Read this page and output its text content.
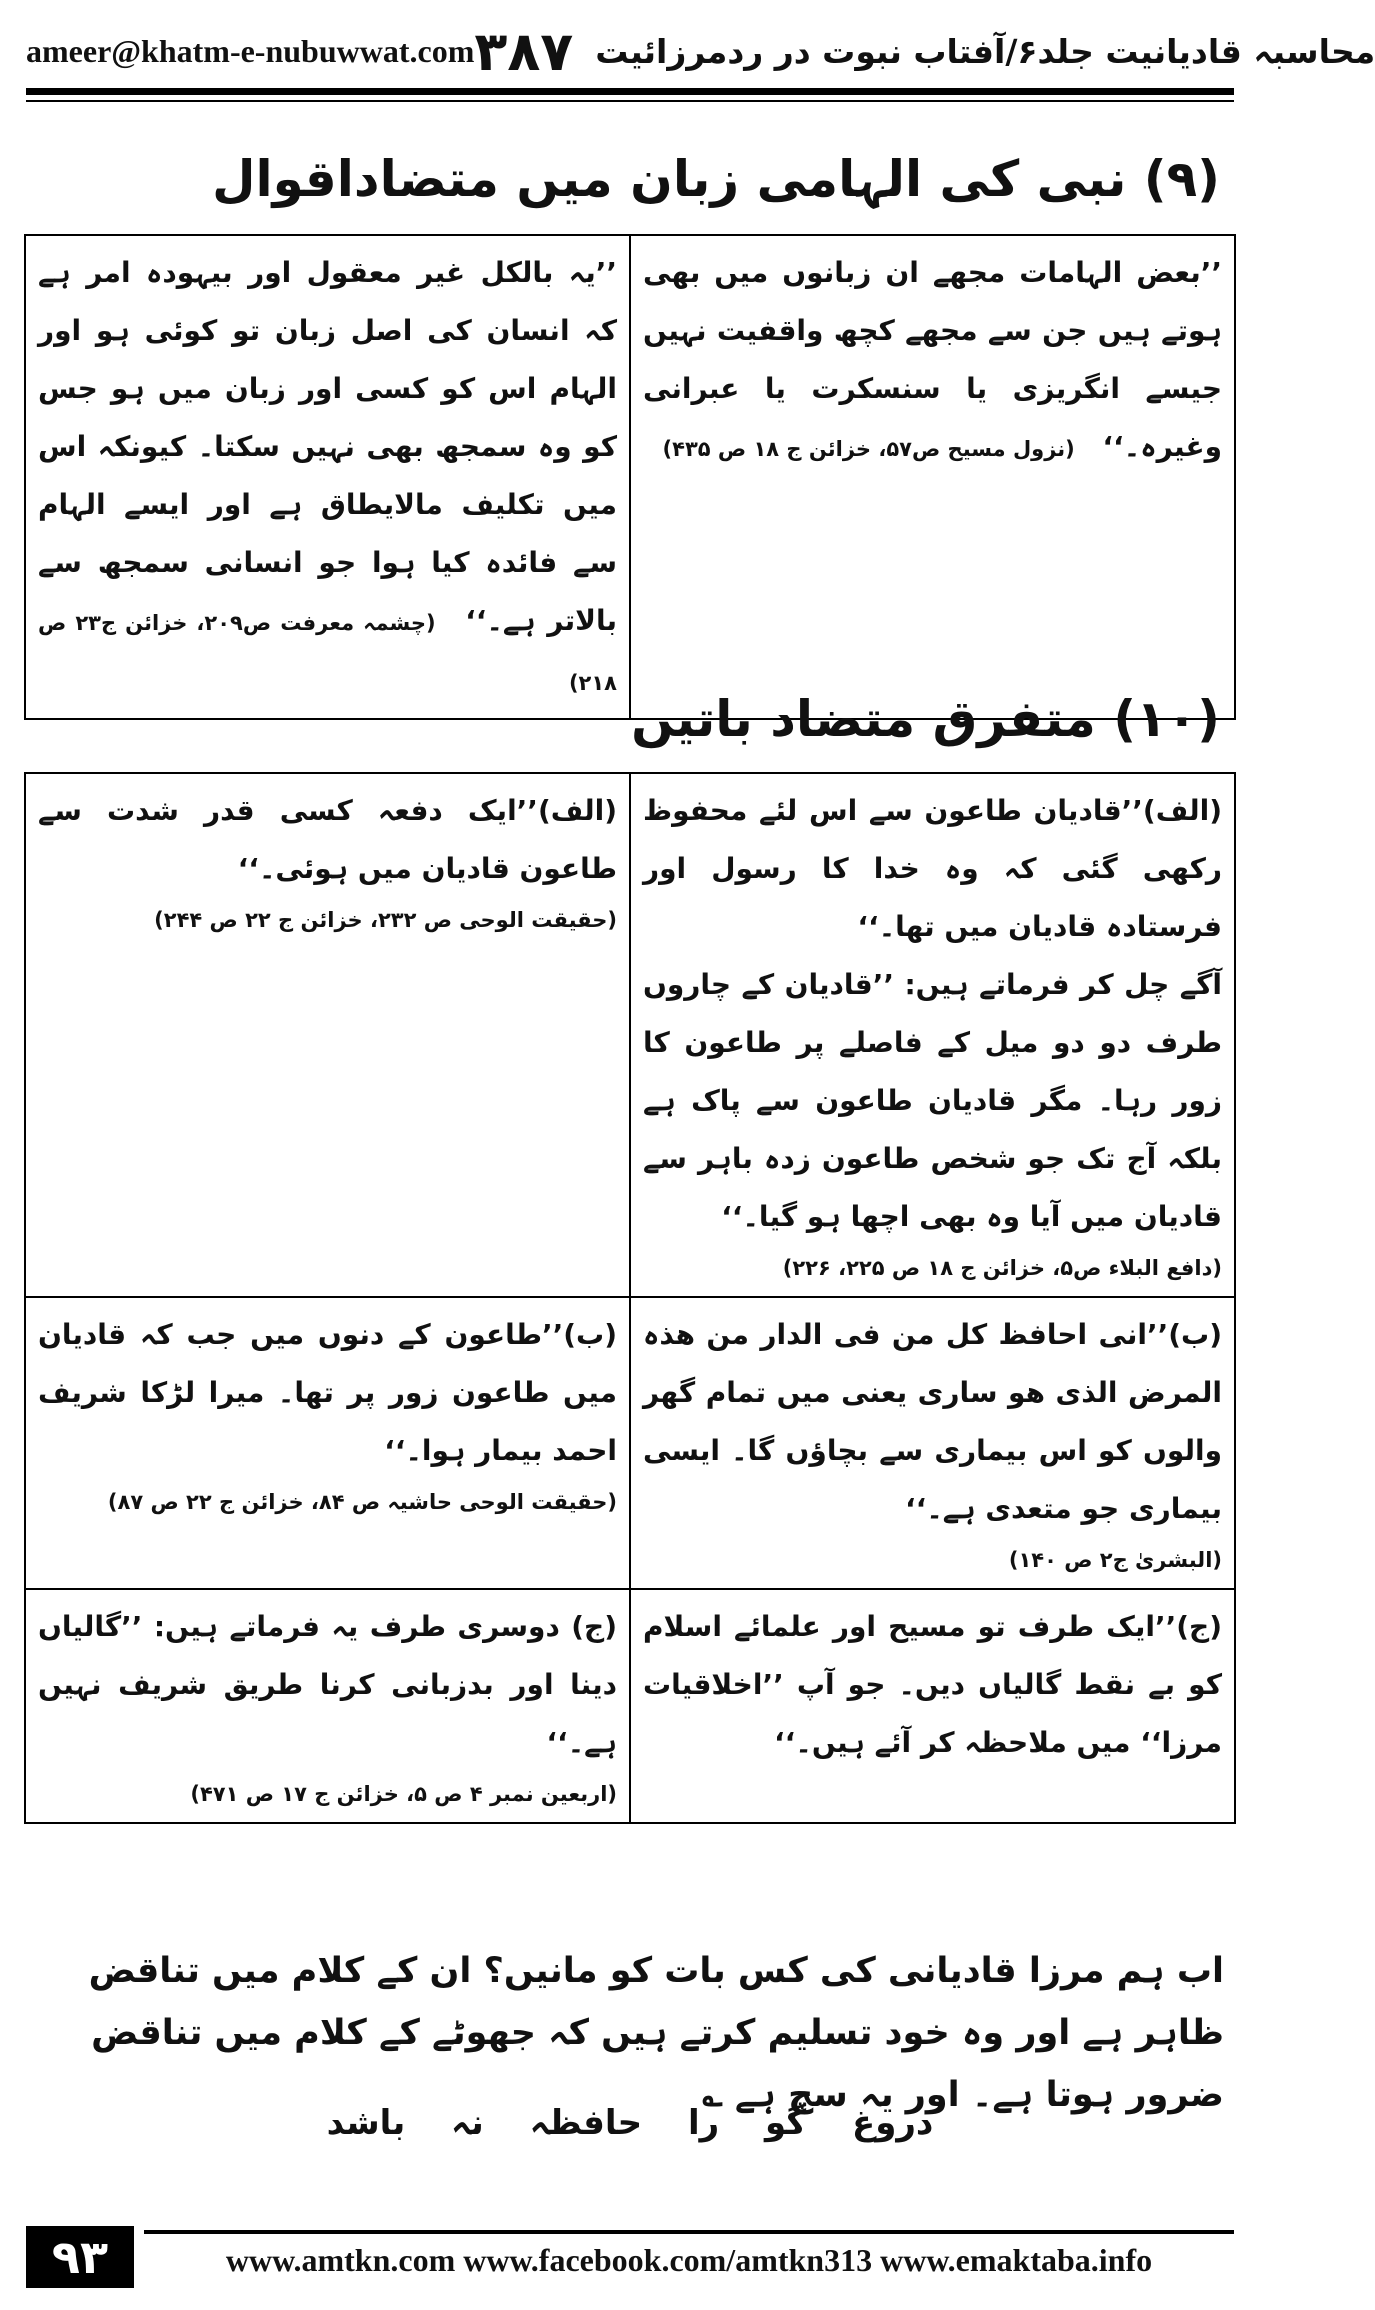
ameer@khatm-e-nubuwwat.com	محاسبہ قادیانیت جلد۶/آفتاب نبوت در ردمرزائیت
۳۸۷
(۹) نبی کی الہامی زبان میں متضاداقوال
’’بعض الہامات مجھے ان زبانوں میں بھی ہوتے ہیں جن سے مجھے کچھ واقفیت نہیں جیسے انگریزی یا سنسکرت یا عبرانی وغیرہ۔‘‘ (نزول مسیح ص۵۷، خزائن ج ۱۸ ص ۴۳۵)	’’یہ بالکل غیر معقول اور بیہودہ امر ہے کہ انسان کی اصل زبان تو کوئی ہو اور الہام اس کو کسی اور زبان میں ہو جس کو وہ سمجھ بھی نہیں سکتا۔ کیونکہ اس میں تکلیف مالایطاق ہے اور ایسے الہام سے فائدہ کیا ہوا جو انسانی سمجھ سے بالاتر ہے۔‘‘ (چشمہ معرفت ص۲۰۹، خزائن ج۲۳ ص ۲۱۸)
(۱۰) متفرق متضاد باتیں
(الف)’’قادیان طاعون سے اس لئے محفوظ رکھی گئی کہ وہ خدا کا رسول اور فرستادہ قادیان میں تھا۔‘‘
آگے چل کر فرماتے ہیں: ’’قادیان کے چاروں طرف دو دو میل کے فاصلے پر طاعون کا زور رہا۔ مگر قادیان طاعون سے پاک ہے بلکہ آج تک جو شخص طاعون زدہ باہر سے قادیان میں آیا وہ بھی اچھا ہو گیا۔‘‘
(دافع البلاء ص۵، خزائن ج ۱۸ ص ۲۲۵، ۲۲۶)	(الف)’’ایک دفعہ کسی قدر شدت سے طاعون قادیان میں ہوئی۔‘‘
(حقیقت الوحی ص ۲۳۲، خزائن ج ۲۲ ص ۲۴۴)

(ب)’’انی احافظ کل من فی الدار من ھذہ المرض الذی ھو ساری یعنی میں تمام گھر والوں کو اس بیماری سے بچاؤں گا۔ ایسی بیماری جو متعدی ہے۔‘‘
(البشریٰ ج۲ ص ۱۴۰)	(ب)’’طاعون کے دنوں میں جب کہ قادیان میں طاعون زور پر تھا۔ میرا لڑکا شریف احمد بیمار ہوا۔‘‘
(حقیقت الوحی حاشیہ ص ۸۴، خزائن ج ۲۲ ص ۸۷)

(ج)’’ایک طرف تو مسیح اور علمائے اسلام کو بے نقط گالیاں دیں۔ جو آپ ’’اخلاقیات مرزا‘‘ میں ملاحظہ کر آئے ہیں۔‘‘	(ج) دوسری طرف یہ فرماتے ہیں: ’’گالیاں دینا اور بدزبانی کرنا طریق شریف نہیں ہے۔‘‘
(اربعین نمبر ۴ ص ۵، خزائن ج ۱۷ ص ۴۷۱)
اب ہم مرزا قادیانی کی کس بات کو مانیں؟ ان کے کلام میں تناقض ظاہر ہے اور وہ خود تسلیم کرتے ہیں کہ جھوٹے کے کلام میں تناقض ضرور ہوتا ہے۔ اور یہ سچ ہے ؎
دروغ گو را حافظہ نہ باشد
۹۳	www.amtkn.com www.facebook.com/amtkn313 www.emaktaba.info
